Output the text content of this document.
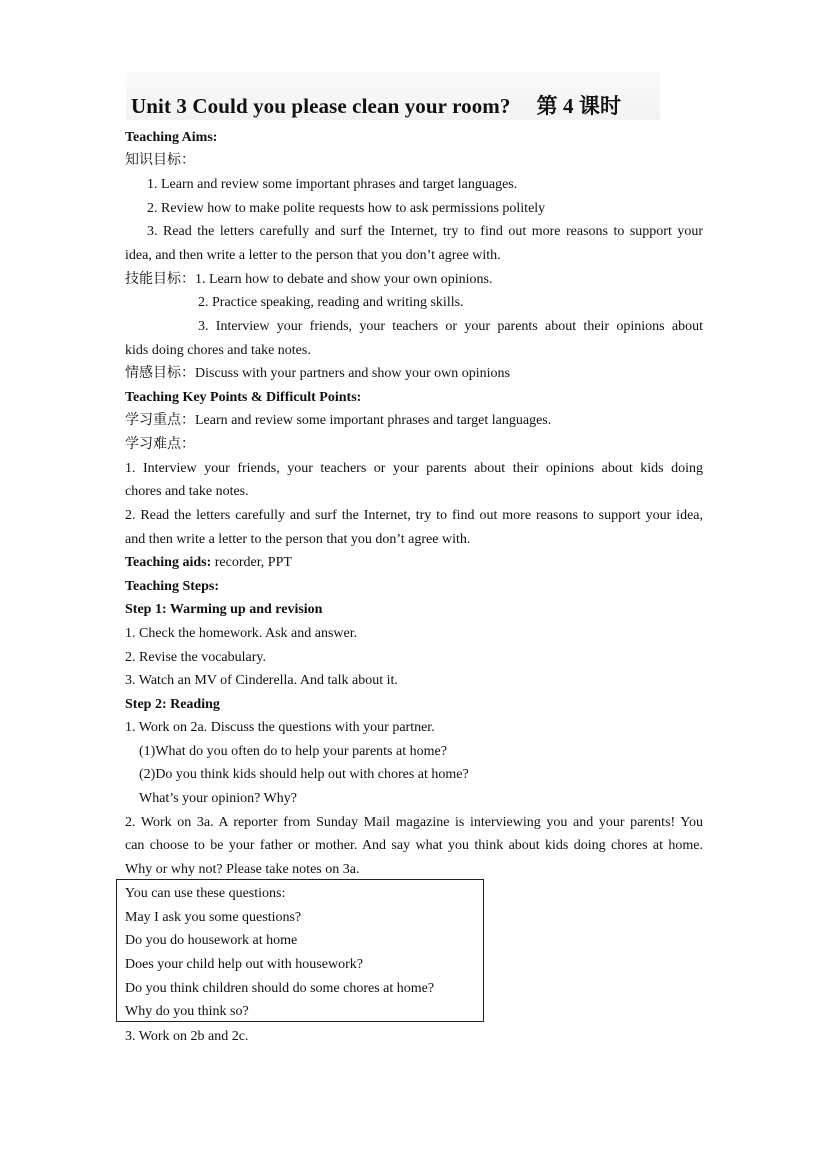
Unit 3 Could you please clean your room? 第 4 课时
Teaching Aims:
知识目标：
1. Learn and review some important phrases and target languages.
2. Review how to make polite requests how to ask permissions politely
3. Read the letters carefully and surf the Internet, try to find out more reasons to support your
idea, and then write a letter to the person that you don’t agree with.
技能目标：1. Learn how to debate and show your own opinions.
2. Practice speaking, reading and writing skills.
3. Interview your friends, your teachers or your parents about their opinions about
kids doing chores and take notes.
情感目标：Discuss with your partners and show your own opinions
Teaching Key Points & Difficult Points:
学习重点：Learn and review some important phrases and target languages.
学习难点：
1. Interview your friends, your teachers or your parents about their opinions about kids doing
chores and take notes.
2. Read the letters carefully and surf the Internet, try to find out more reasons to support your idea,
and then write a letter to the person that you don’t agree with.
Teaching aids: recorder, PPT
Teaching Steps:
Step 1: Warming up and revision
1. Check the homework. Ask and answer.
2. Revise the vocabulary.
3. Watch an MV of Cinderella. And talk about it.
Step 2: Reading
1. Work on 2a. Discuss the questions with your partner.
(1)What do you often do to help your parents at home?
(2)Do you think kids should help out with chores at home?
What’s your opinion? Why?
2. Work on 3a. A reporter from Sunday Mail magazine is interviewing you and your parents! You
can choose to be your father or mother. And say what you think about kids doing chores at home.
Why or why not? Please take notes on 3a.
You can use these questions:
May I ask you some questions?
Do you do housework at home
Does your child help out with housework?
Do you think children should do some chores at home?
Why do you think so?
3. Work on 2b and 2c.
